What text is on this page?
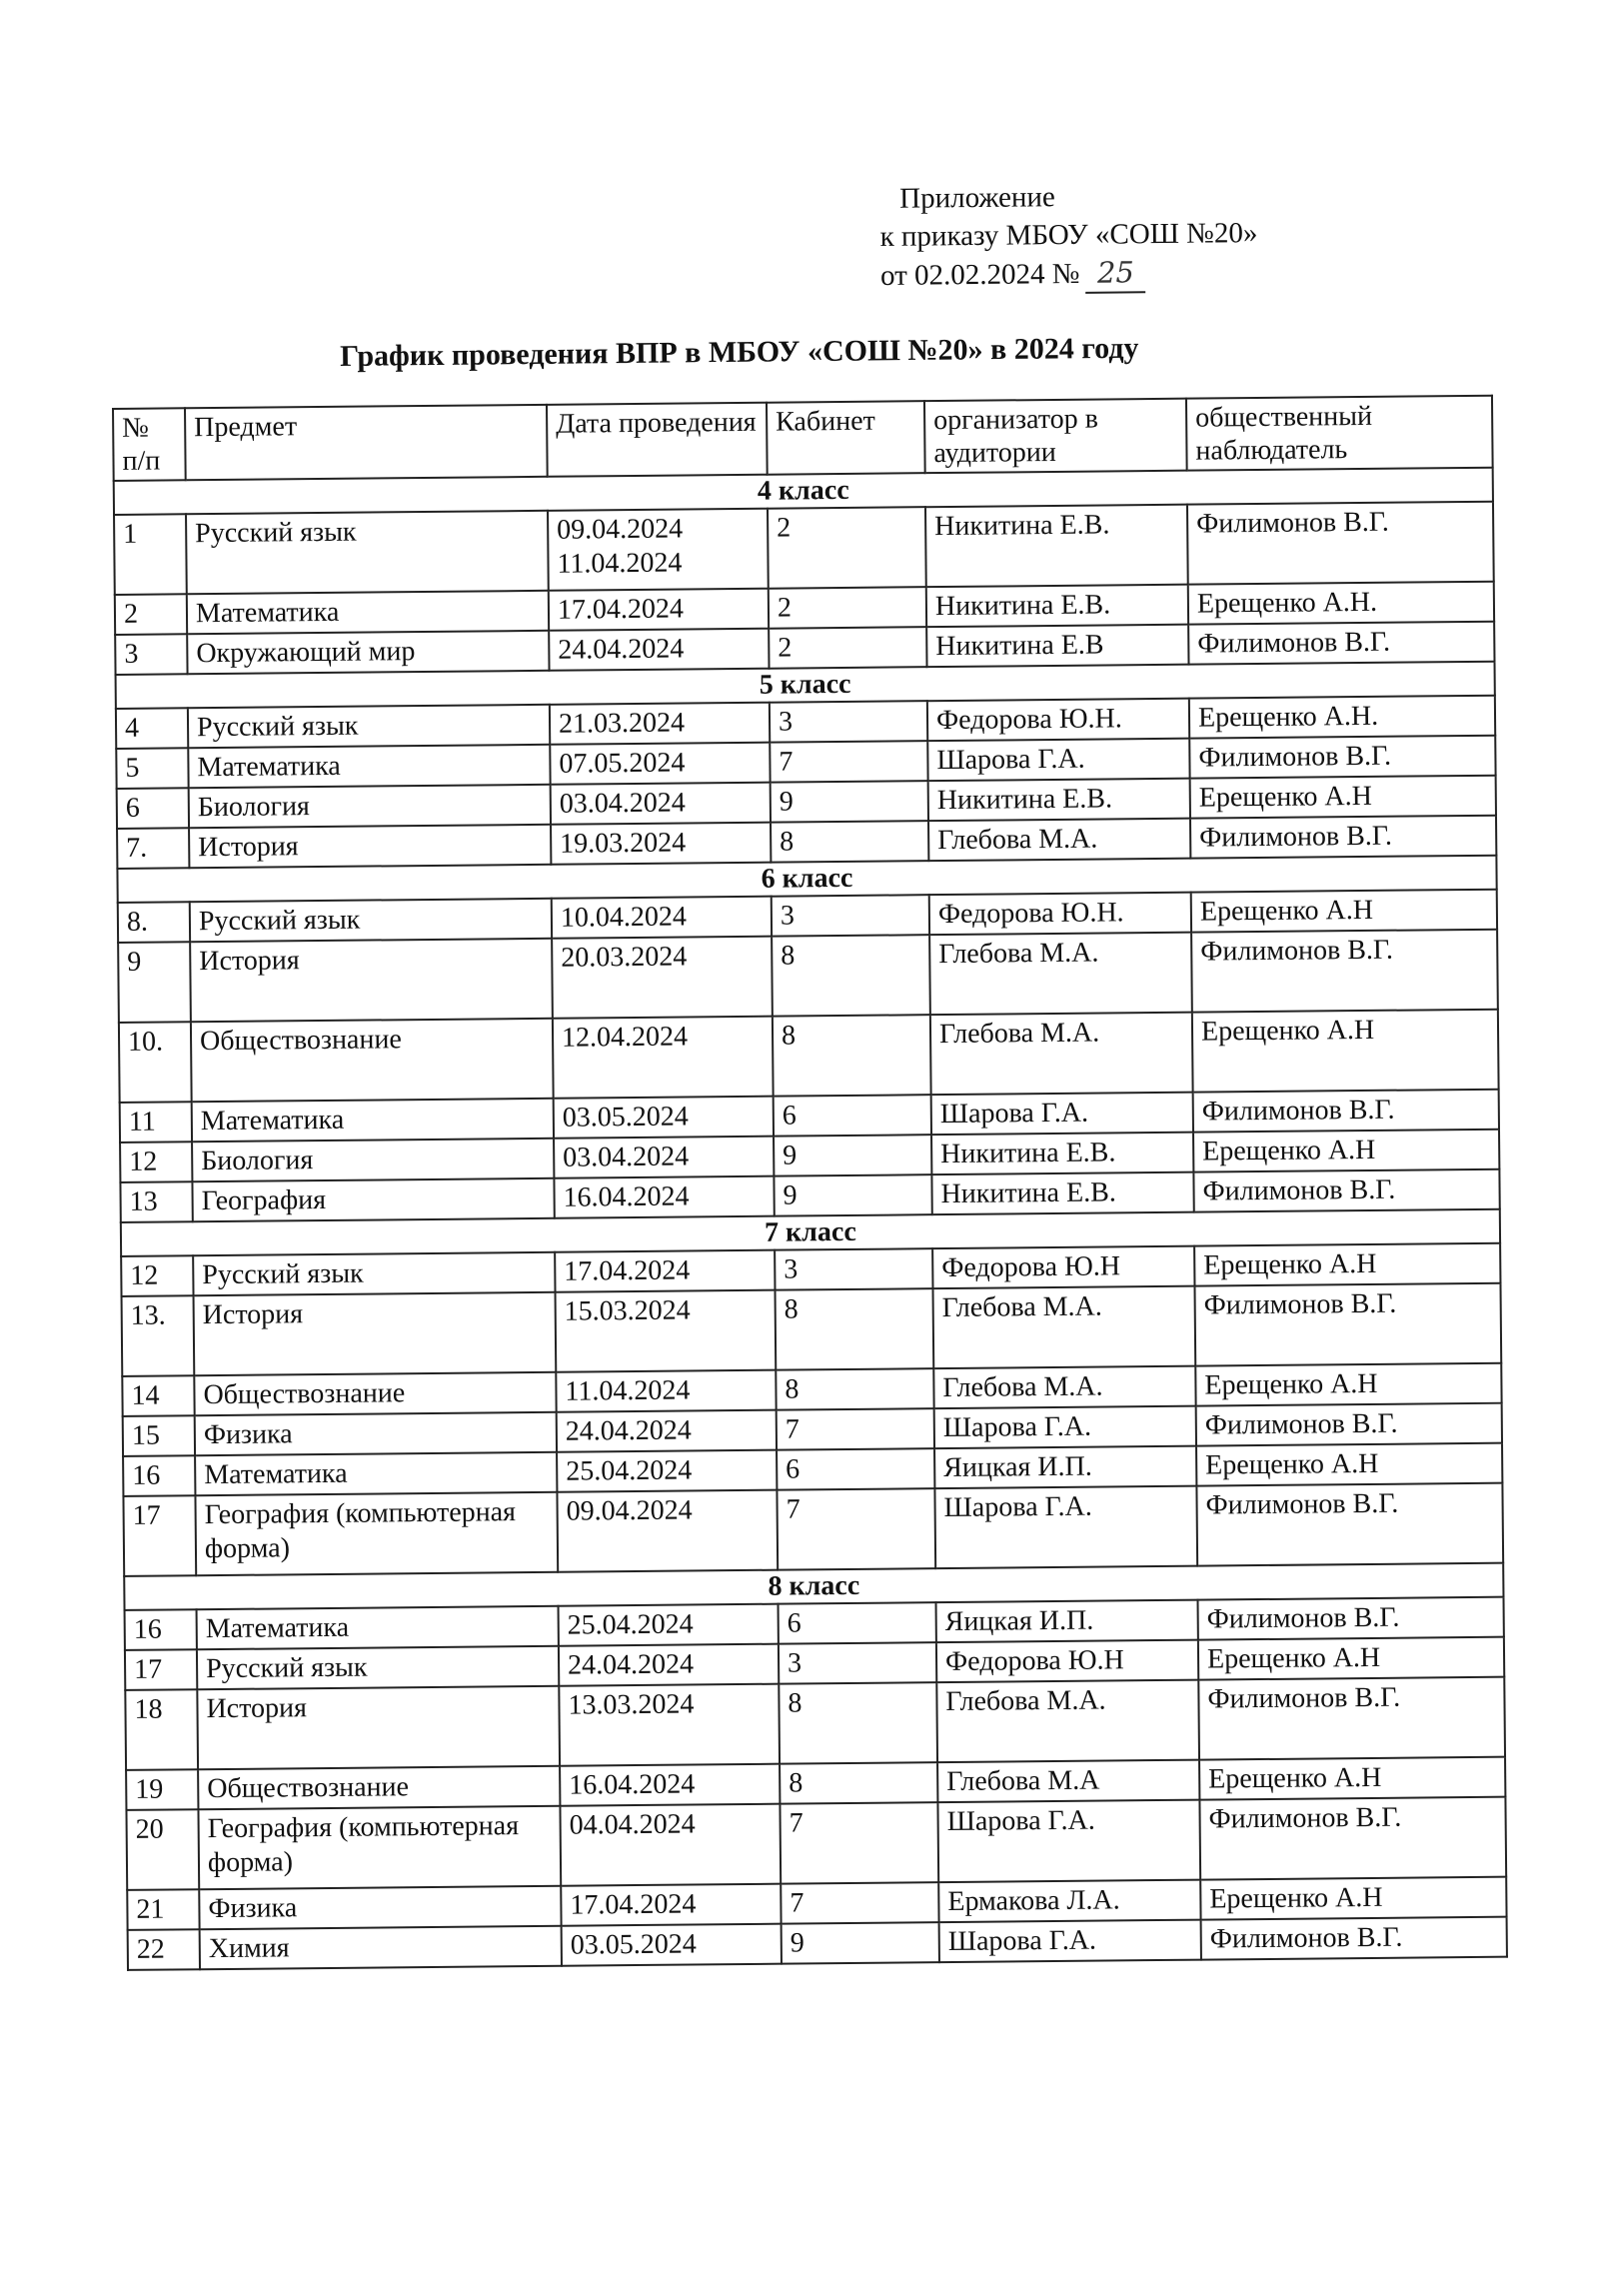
Приложение
к приказу МБОУ «СОШ №20»
от 02.02.2024 № 25
График проведения ВПР в МБОУ «СОШ №20» в 2024 году
№ п/п	Предмет	Дата проведения	Кабинет	организатор в аудитории	общественный наблюдатель
4 класс					
1	Русский язык	09.04.2024 11.04.2024	2	Никитина Е.В.	Филимонов В.Г.
2	Математика	17.04.2024	2	Никитина Е.В.	Ерещенко А.Н.
3	Окружающий мир	24.04.2024	2	Никитина Е.В	Филимонов В.Г.
5 класс					
4	Русский язык	21.03.2024	3	Федорова Ю.Н.	Ерещенко А.Н.
5	Математика	07.05.2024	7	Шарова Г.А.	Филимонов В.Г.
6	Биология	03.04.2024	9	Никитина Е.В.	Ерещенко А.Н
7.	История	19.03.2024	8	Глебова М.А.	Филимонов В.Г.
6 класс					
8.	Русский язык	10.04.2024	3	Федорова Ю.Н.	Ерещенко А.Н
9	История	20.03.2024	8	Глебова М.А.	Филимонов В.Г.
10.	Обществознание	12.04.2024	8	Глебова М.А.	Ерещенко А.Н
11	Математика	03.05.2024	6	Шарова Г.А.	Филимонов В.Г.
12	Биология	03.04.2024	9	Никитина Е.В.	Ерещенко А.Н
13	География	16.04.2024	9	Никитина Е.В.	Филимонов В.Г.
7 класс					
12	Русский язык	17.04.2024	3	Федорова Ю.Н	Ерещенко А.Н
13.	История	15.03.2024	8	Глебова М.А.	Филимонов В.Г.
14	Обществознание	11.04.2024	8	Глебова М.А.	Ерещенко А.Н
15	Физика	24.04.2024	7	Шарова Г.А.	Филимонов В.Г.
16	Математика	25.04.2024	6	Яицкая И.П.	Ерещенко А.Н
17	География (компьютерная форма)	09.04.2024	7	Шарова Г.А.	Филимонов В.Г.
8 класс					
16	Математика	25.04.2024	6	Яицкая И.П.	Филимонов В.Г.
17	Русский язык	24.04.2024	3	Федорова Ю.Н	Ерещенко А.Н
18	История	13.03.2024	8	Глебова М.А.	Филимонов В.Г.
19	Обществознание	16.04.2024	8	Глебова М.А	Ерещенко А.Н
20	География (компьютерная форма)	04.04.2024	7	Шарова Г.А.	Филимонов В.Г.
21	Физика	17.04.2024	7	Ермакова Л.А.	Ерещенко А.Н
22	Химия	03.05.2024	9	Шарова Г.А.	Филимонов В.Г.
